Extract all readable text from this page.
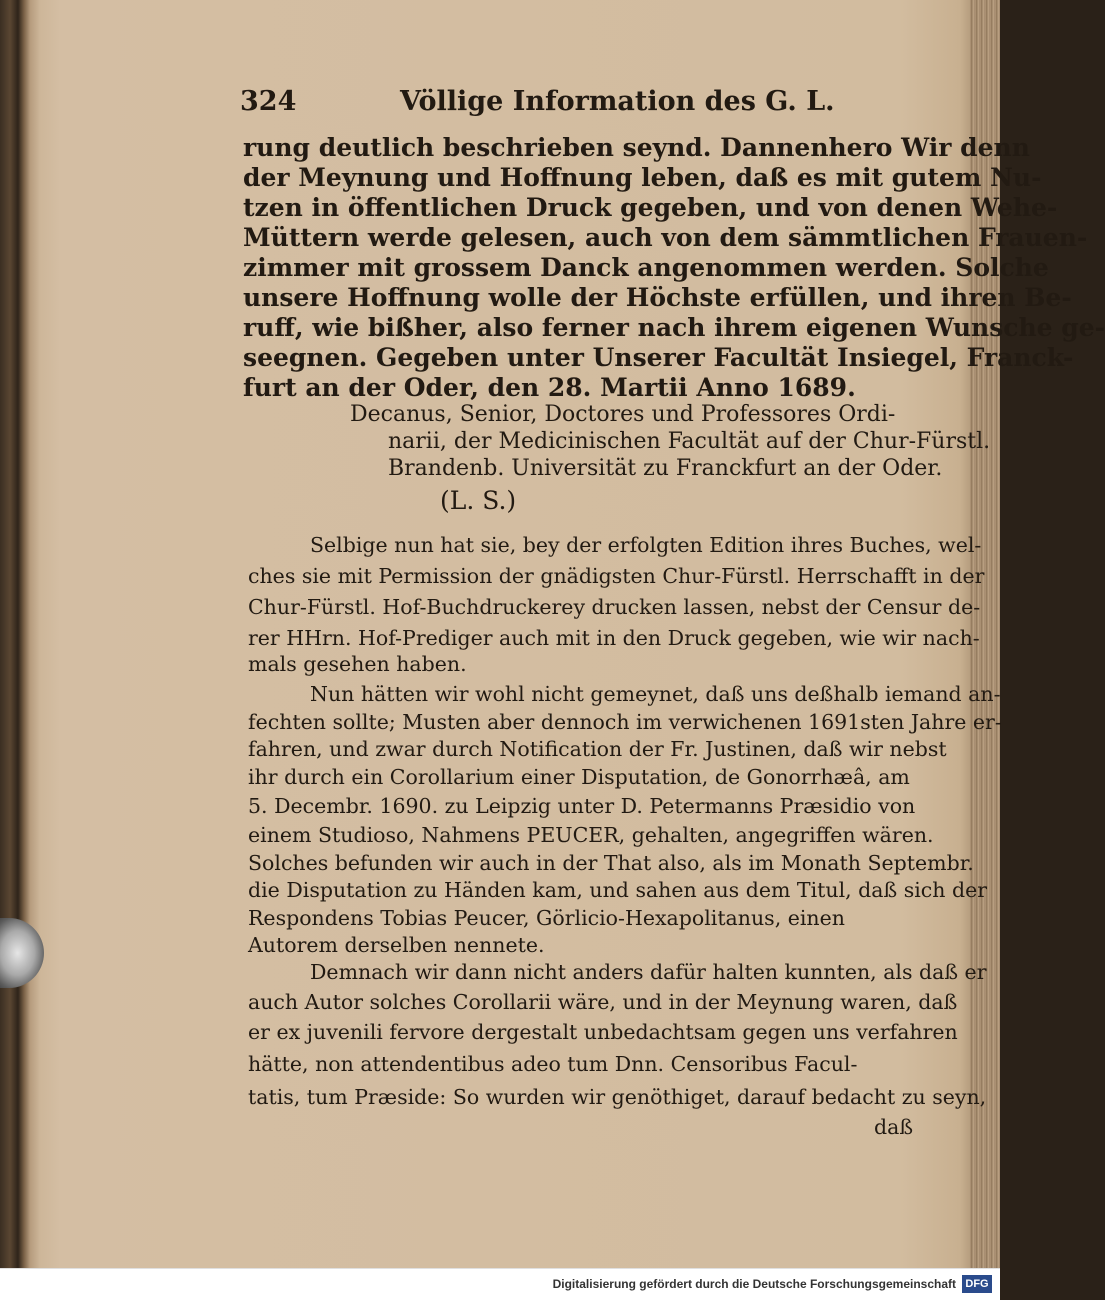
324	Völlige Information des G. L.
rung deutlich beschrieben seynd. Dannenhero Wir denn
der Meynung und Hoffnung leben, daß es mit gutem Nu-
tzen in öffentlichen Druck gegeben, und von denen Wehe-
Müttern werde gelesen, auch von dem sämmtlichen Frauen-
zimmer mit grossem Danck angenommen werden. Solche
unsere Hoffnung wolle der Höchste erfüllen, und ihren Be-
ruff, wie bißher, also ferner nach ihrem eigenen Wunsche ge-
seegnen. Gegeben unter Unserer Facultät Insiegel, Franck-
furt an der Oder, den 28. Martii Anno 1689.
Decanus, Senior, Doctores und Professores Ordi-
narii, der Medicinischen Facultät auf der Chur-Fürstl.
Brandenb. Universität zu Franckfurt an der Oder.
(L. S.)
Selbige nun hat sie, bey der erfolgten Edition ihres Buches, wel-
ches sie mit Permission der gnädigsten Chur-Fürstl. Herrschafft in der
Chur-Fürstl. Hof-Buchdruckerey drucken lassen, nebst der Censur de-
rer HHrn. Hof-Prediger auch mit in den Druck gegeben, wie wir nach-
mals gesehen haben.
Nun hätten wir wohl nicht gemeynet, daß uns deßhalb iemand an-
fechten sollte; Musten aber dennoch im verwichenen 1691sten Jahre er-
fahren, und zwar durch Notification der Fr. Justinen, daß wir nebst
ihr durch ein Corollarium einer Disputation, de Gonorrhæâ, am
5. Decembr. 1690. zu Leipzig unter D. Petermanns Præsidio von
einem Studioso, Nahmens PEUCER, gehalten, angegriffen wären.
Solches befunden wir auch in der That also, als im Monath Septembr.
die Disputation zu Händen kam, und sahen aus dem Titul, daß sich der
Respondens Tobias Peucer, Görlicio-Hexapolitanus, einen
Autorem derselben nennete.
Demnach wir dann nicht anders dafür halten kunnten, als daß er
auch Autor solches Corollarii wäre, und in der Meynung waren, daß
er ex juvenili fervore dergestalt unbedachtsam gegen uns verfahren
hätte, non attendentibus adeo tum Dnn. Censoribus Facul-
tatis, tum Præside: So wurden wir genöthiget, darauf bedacht zu seyn,
daß
Digitalisierung gefördert durch die Deutsche Forschungsgemeinschaft DFG
